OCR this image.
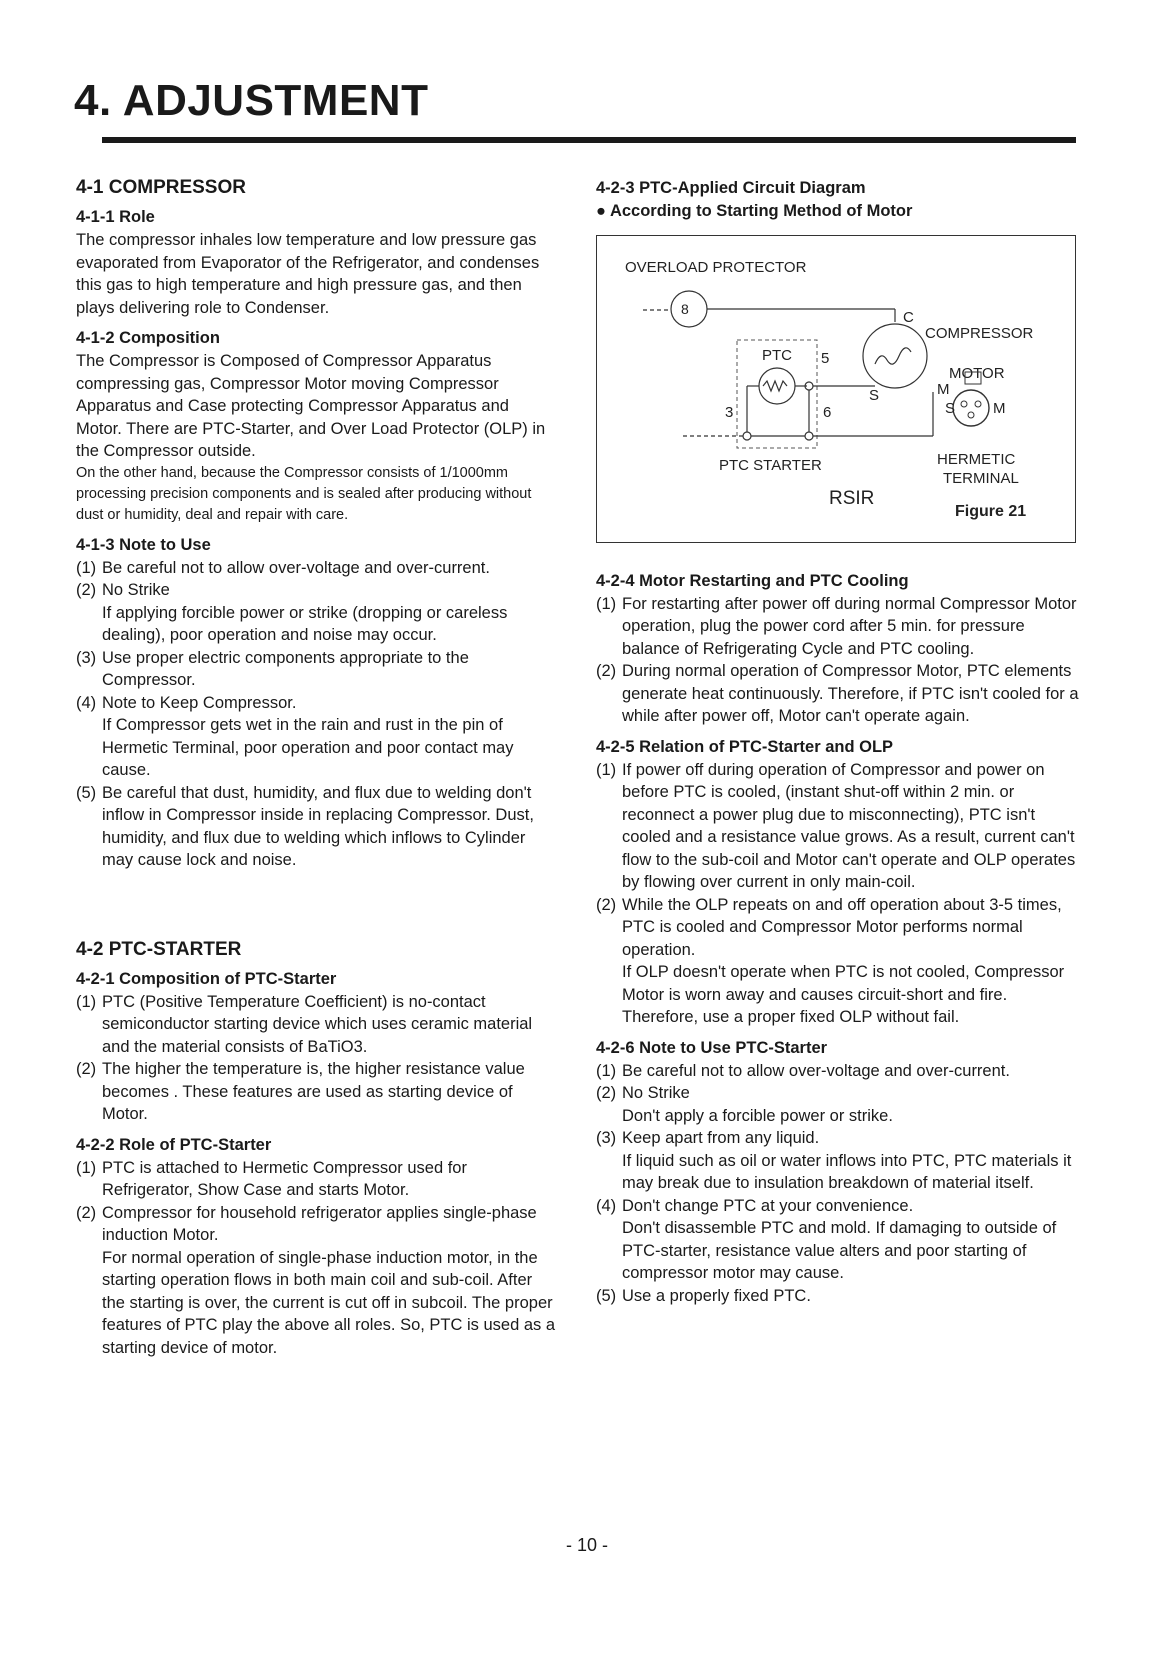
4. ADJUSTMENT
4-1 COMPRESSOR
4-1-1 Role

The compressor inhales low temperature and low pressure gas evaporated from Evaporator of the Refrigerator, and condenses this gas to high temperature and high pressure gas, and then plays delivering role to Condenser.

4-1-2 Composition

The Compressor is Composed of Compressor Apparatus compressing gas, Compressor Motor moving Compressor Apparatus and Case protecting Compressor Apparatus and Motor. There are PTC-Starter, and Over Load Protector (OLP) in the Compressor outside.

On the other hand, because the Compressor consists of 1/1000mm processing precision components and is sealed after producing without dust or humidity, deal and repair with care.

4-1-3 Note to Use
(1) Be careful not to allow over-voltage and over-current.
(2) No Strike

If applying forcible power or strike (dropping or careless dealing), poor operation and noise may occur.

(3) Use proper electric components appropriate to the Compressor.
(4) Note to Keep Compressor.

If Compressor gets wet in the rain and rust in the pin of Hermetic Terminal, poor operation and poor contact may cause.

(5) Be careful that dust, humidity, and flux due to welding don't inflow in Compressor inside in replacing Compressor. Dust, humidity, and flux due to welding which inflows to Cylinder may cause lock and noise.
4-2 PTC-STARTER
4-2-1 Composition of PTC-Starter
(1) PTC (Positive Temperature Coefficient) is no-contact semiconductor starting device which uses ceramic material and the material consists of BaTiO3.
(2) The higher the temperature is, the higher resistance value becomes . These features are used as starting device of Motor.
4-2-2 Role of PTC-Starter
(1) PTC is attached to Hermetic Compressor used for Refrigerator, Show Case and starts Motor.
(2) Compressor for household refrigerator applies single-phase induction Motor.

For normal operation of single-phase induction motor, in the starting operation flows in both main coil and sub-coil. After the starting is over, the current is cut off in subcoil. The proper features of PTC play the above all roles. So, PTC is used as a starting device of motor.

4-2-3 PTC-Applied Circuit Diagram

● According to Starting Method of Motor

OVERLOAD PROTECTOR
8	C
COMPRESSOR
MOTOR
PTC 5
3	6
S	M
S	M
PTC STARTER	HERMETIC
TERMINAL
RSIR
Figure 21
4-2-4 Motor Restarting and PTC Cooling
(1) For restarting after power off during normal Compressor Motor operation, plug the power cord after 5 min. for pressure balance of Refrigerating Cycle and PTC cooling.
(2) During normal operation of Compressor Motor, PTC elements generate heat continuously. Therefore, if PTC isn't cooled for a while after power off, Motor can't operate again.
4-2-5 Relation of PTC-Starter and OLP
(1) If power off during operation of Compressor and power on before PTC is cooled, (instant shut-off within 2 min. or reconnect a power plug due to misconnecting), PTC isn't cooled and a resistance value grows. As a result, current can't flow to the sub-coil and Motor can't operate and OLP operates by flowing over current in only main-coil.
(2) While the OLP repeats on and off operation about 3-5 times, PTC is cooled and Compressor Motor performs normal operation.

If OLP doesn't operate when PTC is not cooled, Compressor Motor is worn away and causes circuit-short and fire. Therefore, use a proper fixed OLP without fail.

4-2-6 Note to Use PTC-Starter
(1) Be careful not to allow over-voltage and over-current.
(2) No Strike

Don't apply a forcible power or strike.

(3) Keep apart from any liquid.

If liquid such as oil or water inflows into PTC, PTC materials it may break due to insulation breakdown of material itself.

(4) Don't change PTC at your convenience.

Don't disassemble PTC and mold. If damaging to outside of PTC-starter, resistance value alters and poor starting of compressor motor may cause.

(5) Use a properly fixed PTC.
- 10 -
